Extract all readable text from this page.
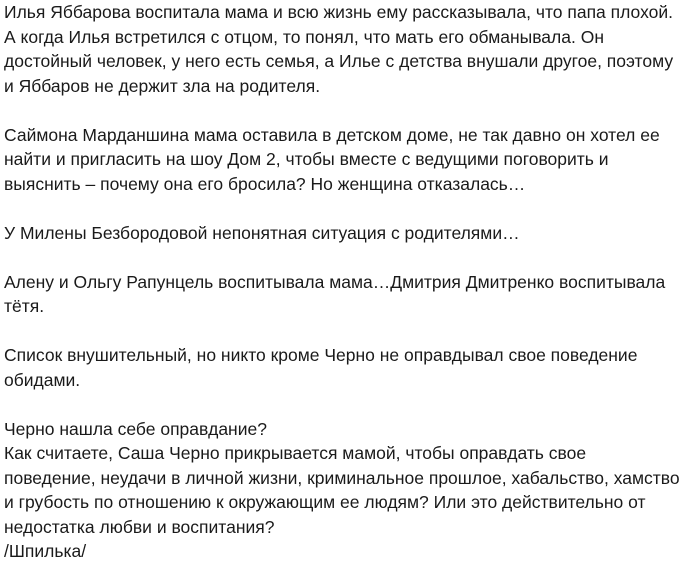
Илья Яббарова воспитала мама и всю жизнь ему рассказывала, что папа плохой.
А когда Илья встретился с отцом, то понял, что мать его обманывала. Он
достойный человек, у него есть семья, а Илье с детства внушали другое, поэтому
и Яббаров не держит зла на родителя.

Саймона Марданшина мама оставила в детском доме, не так давно он хотел ее
найти и пригласить на шоу Дом 2, чтобы вместе с ведущими поговорить и
выяснить – почему она его бросила? Но женщина отказалась…

У Милены Безбородовой непонятная ситуация с родителями…

Алену и Ольгу Рапунцель воспитывала мама…Дмитрия Дмитренко воспитывала
тётя.

Список внушительный, но никто кроме Черно не оправдывал свое поведение
обидами.

Черно нашла себе оправдание?
Как считаете, Саша Черно прикрывается мамой, чтобы оправдать свое
поведение, неудачи в личной жизни, криминальное прошлое, хабальство, хамство
и грубость по отношению к окружающим ее людям? Или это действительно от
недостатка любви и воспитания?
/Шпилька/
